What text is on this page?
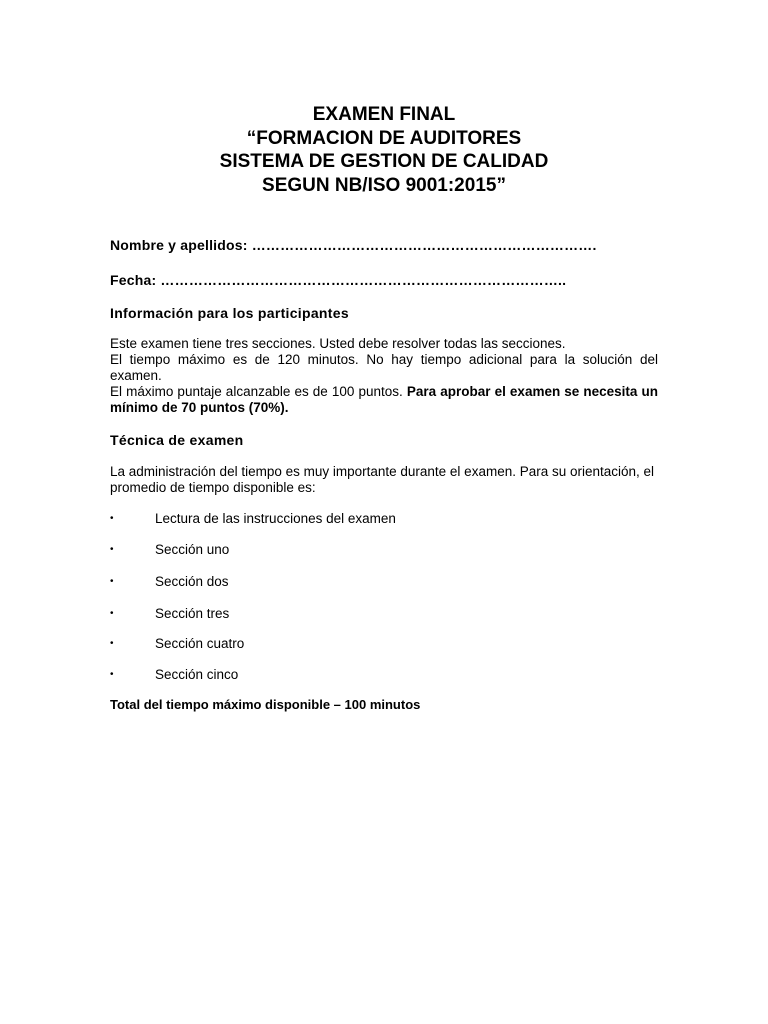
EXAMEN FINAL
“FORMACION DE AUDITORES
SISTEMA DE GESTION DE CALIDAD
SEGUN NB/ISO 9001:2015”
Nombre y apellidos: ……………………………………………………………….
Fecha: …………………………………………………………………………..
Información para los participantes

Este examen tiene tres secciones. Usted debe resolver todas las secciones.

El tiempo máximo es de 120 minutos. No hay tiempo adicional para la solución del examen.

El máximo puntaje alcanzable es de 100 puntos. Para aprobar el examen se necesita un mínimo de 70 puntos (70%).

Técnica de examen

La administración del tiempo es muy importante durante el examen. Para su orientación, el promedio de tiempo disponible es:

•	Lectura de las instrucciones del examen
•	Sección uno
•	Sección dos
•	Sección tres
•	Sección cuatro
•	Sección cinco
Total del tiempo máximo disponible – 100 minutos
